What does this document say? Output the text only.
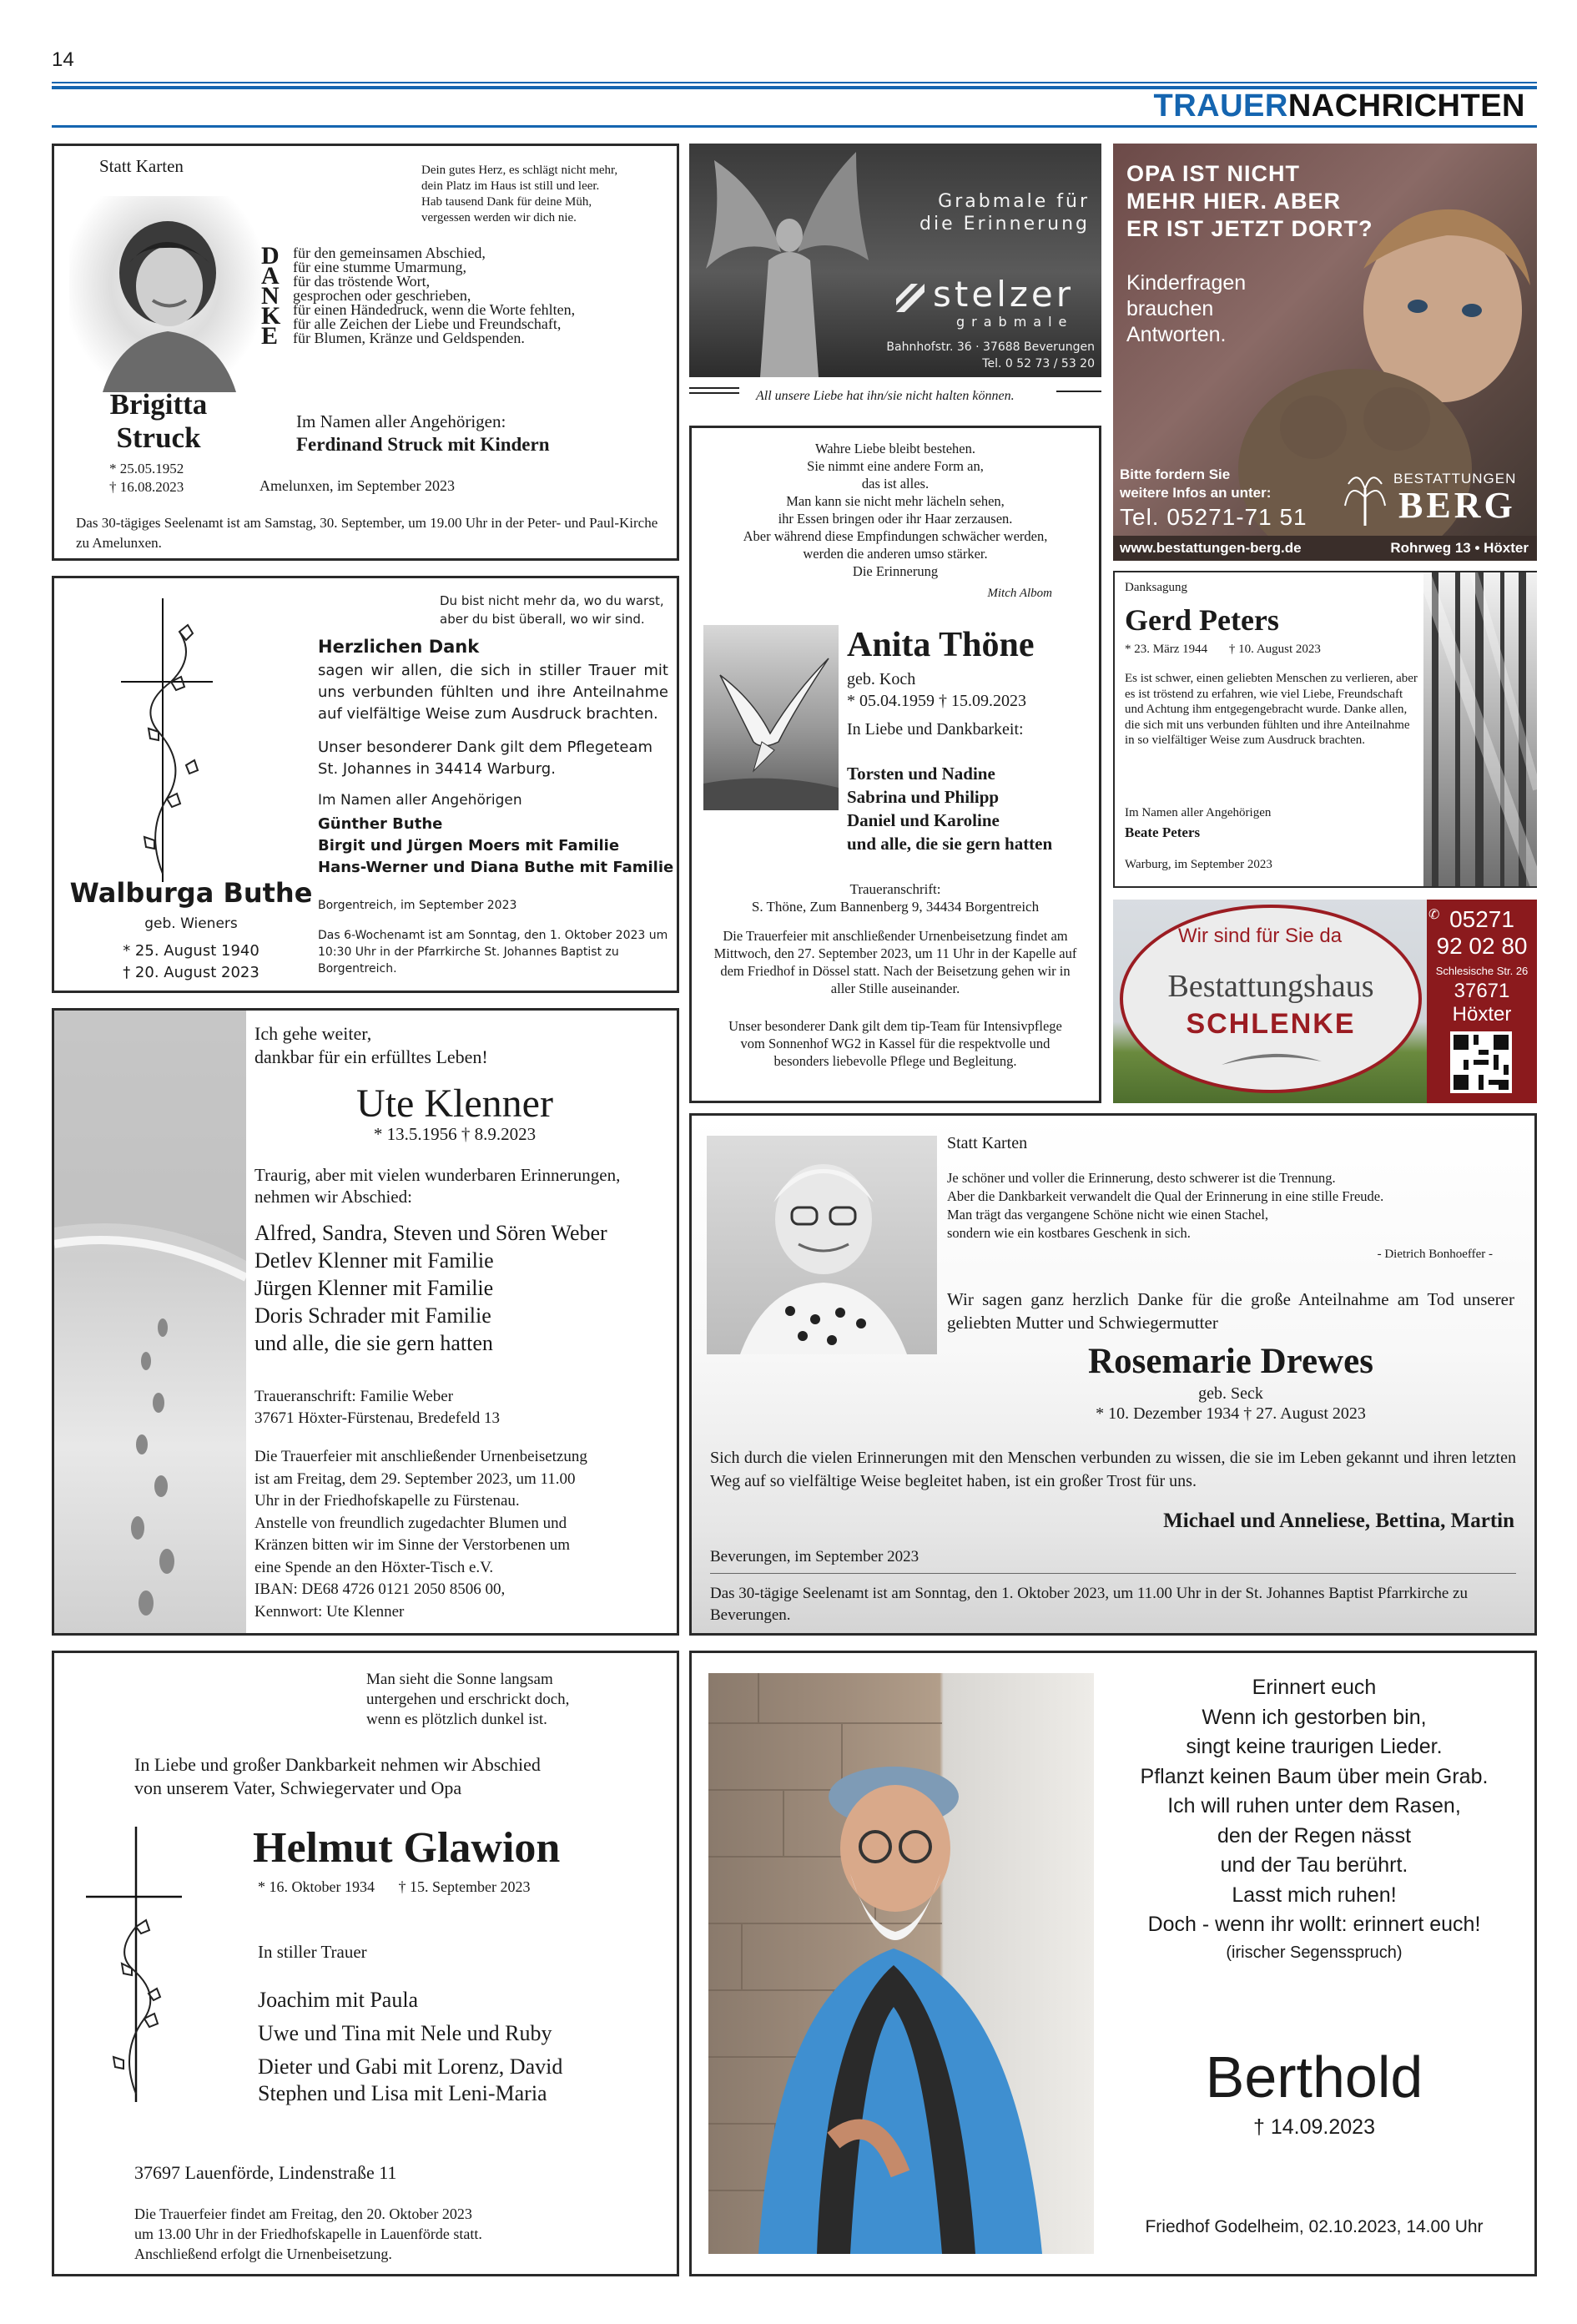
14
TRAUERNACHRICHTEN
Statt Karten	Dein gutes Herz, es schlägt nicht mehr,
dein Platz im Haus ist still und leer.
Hab tausend Dank für deine Müh,
vergessen werden wir dich nie.
D
A
N
K
E
für den gemeinsamen Abschied,
für eine stumme Umarmung,
für das tröstende Wort,
gesprochen oder geschrieben,
für einen Händedruck, wenn die Worte fehlten,
für alle Zeichen der Liebe und Freundschaft,
für Blumen, Kränze und Geldspenden.
Brigitta
Struck
* 25.05.1952
† 16.08.2023
Im Namen aller Angehörigen:
Ferdinand Struck mit Kindern
Amelunxen, im September 2023
Das 30-tägiges Seelenamt ist am Samstag, 30. September, um 19.00 Uhr in der Peter- und Paul-Kirche zu Amelunxen.
Du bist nicht mehr da, wo du warst,
aber du bist überall, wo wir sind.
Herzlichen Dank
sagen wir allen, die sich in stiller Trauer mit uns verbunden fühlten und ihre Anteilnahme auf vielfältige Weise zum Ausdruck brachten.
Unser besonderer Dank gilt dem Pflegeteam St. Johannes in 34414 Warburg.
Im Namen aller Angehörigen
Günther Buthe
Birgit und Jürgen Moers mit Familie
Hans-Werner und Diana Buthe mit Familie
Borgentreich, im September 2023
Das 6-Wochenamt ist am Sonntag, den 1. Oktober 2023 um 10:30 Uhr in der Pfarrkirche St. Johannes Baptist zu Borgentreich.
Walburga Buthe
geb. Wieners
* 25. August 1940
† 20. August 2023
Ich gehe weiter,
dankbar für ein erfülltes Leben!
Ute Klenner
* 13.5.1956 † 8.9.2023
Traurig, aber mit vielen wunderbaren Erinnerungen,
nehmen wir Abschied:
Alfred, Sandra, Steven und Sören Weber
Detlev Klenner mit Familie
Jürgen Klenner mit Familie
Doris Schrader mit Familie
und alle, die sie gern hatten
Traueranschrift: Familie Weber
37671 Höxter-Fürstenau, Bredefeld 13
Die Trauerfeier mit anschließender Urnenbeisetzung
ist am Freitag, dem 29. September 2023, um 11.00
Uhr in der Friedhofskapelle zu Fürstenau.
Anstelle von freundlich zugedachter Blumen und
Kränzen bitten wir im Sinne der Verstorbenen um
eine Spende an den Höxter-Tisch e.V.
IBAN: DE68 4726 0121 2050 8506 00,
Kennwort: Ute Klenner
Man sieht die Sonne langsam
untergehen und erschrickt doch,
wenn es plötzlich dunkel ist.
In Liebe und großer Dankbarkeit nehmen wir Abschied
von unserem Vater, Schwiegervater und Opa
Helmut Glawion
* 16. Oktober 1934 † 15. September 2023
In stiller Trauer
Joachim mit Paula
Uwe und Tina mit Nele und Ruby
Dieter und Gabi mit Lorenz, David
Stephen und Lisa mit Leni-Maria
37697 Lauenförde, Lindenstraße 11
Die Trauerfeier findet am Freitag, den 20. Oktober 2023
um 13.00 Uhr in der Friedhofskapelle in Lauenförde statt.
Anschließend erfolgt die Urnenbeisetzung.
Grabmale für
die Erinnerung
stelzer
grabmale
Bahnhofstr. 36 · 37688 Beverungen
Tel. 0 52 73 / 53 20
All unsere Liebe hat ihn/sie nicht halten können.
OPA IST NICHT
MEHR HIER. ABER
ER IST JETZT DORT?
Kinderfragen
brauchen
Antworten.
Bitte fordern Sie
weitere Infos an unter:
Tel. 05271-71 51
BESTATTUNGEN
BERG
www.bestattungen-berg.de	Rohrweg 13 • Höxter
Wahre Liebe bleibt bestehen.
Sie nimmt eine andere Form an,
das ist alles.
Man kann sie nicht mehr lächeln sehen,
ihr Essen bringen oder ihr Haar zerzausen.
Aber während diese Empfindungen schwächer werden,
werden die anderen umso stärker.
Die Erinnerung
Mitch Albom
Anita Thöne
geb. Koch
* 05.04.1959 † 15.09.2023
In Liebe und Dankbarkeit:
Torsten und Nadine
Sabrina und Philipp
Daniel und Karoline
und alle, die sie gern hatten
Traueranschrift:
S. Thöne, Zum Bannenberg 9, 34434 Borgentreich
Die Trauerfeier mit anschließender Urnenbeisetzung findet am Mittwoch, den 27. September 2023, um 11 Uhr in der Kapelle auf dem Friedhof in Dössel statt. Nach der Beisetzung gehen wir in aller Stille auseinander.
Unser besonderer Dank gilt dem tip-Team für Intensivpflege vom Sonnenhof WG2 in Kassel für die respektvolle und besonders liebevolle Pflege und Begleitung.
Danksagung
Gerd Peters
* 23. März 1944 † 10. August 2023
Es ist schwer, einen geliebten Menschen zu verlieren, aber es ist tröstend zu erfahren, wie viel Liebe, Freundschaft und Achtung ihm entgegengebracht wurde. Danke allen, die sich mit uns verbunden fühlten und ihre Anteilnahme in so vielfältiger Weise zum Ausdruck brachten.
Im Namen aller Angehörigen
Beate Peters
Warburg, im September 2023
Wir sind für Sie da
Bestattungshaus
SCHLENKE
✆ 05271
92 02 80
Schlesische Str. 26
37671
Höxter
Statt Karten
Je schöner und voller die Erinnerung, desto schwerer ist die Trennung.
Aber die Dankbarkeit verwandelt die Qual der Erinnerung in eine stille Freude.
Man trägt das vergangene Schöne nicht wie einen Stachel,
sondern wie ein kostbares Geschenk in sich.
- Dietrich Bonhoeffer -
Wir sagen ganz herzlich Danke für die große Anteilnahme am Tod unserer geliebten Mutter und Schwiegermutter
Rosemarie Drewes
geb. Seck
* 10. Dezember 1934 † 27. August 2023
Sich durch die vielen Erinnerungen mit den Menschen verbunden zu wissen, die sie im Leben gekannt und ihren letzten Weg auf so vielfältige Weise begleitet haben, ist ein großer Trost für uns.
Michael und Anneliese, Bettina, Martin
Beverungen, im September 2023
Das 30-tägige Seelenamt ist am Sonntag, den 1. Oktober 2023, um 11.00 Uhr in der St. Johannes Baptist Pfarrkirche zu Beverungen.
Erinnert euch
Wenn ich gestorben bin,
singt keine traurigen Lieder.
Pflanzt keinen Baum über mein Grab.
Ich will ruhen unter dem Rasen,
den der Regen nässt
und der Tau berührt.
Lasst mich ruhen!
Doch - wenn ihr wollt: erinnert euch!
(irischer Segensspruch)
Berthold
† 14.09.2023
Friedhof Godelheim, 02.10.2023, 14.00 Uhr
